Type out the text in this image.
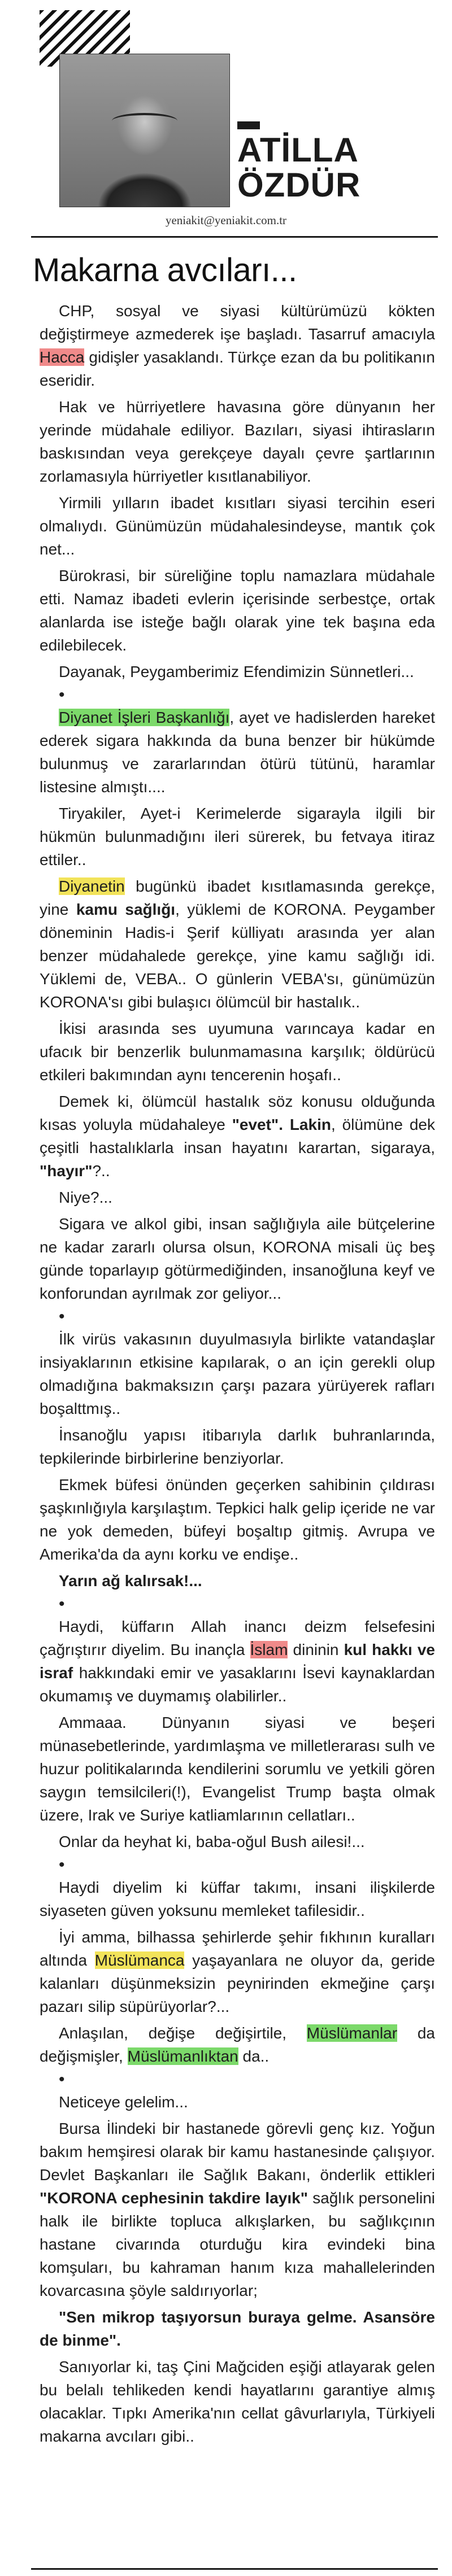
ATİLLA
ÖZDÜR
yeniakit@yeniakit.com.tr
Makarna avcıları...

CHP, sosyal ve siyasi kültürümüzü kökten değiştirmeye azmederek işe başladı. Tasarruf amacıyla Hacca gidişler yasaklandı. Türkçe ezan da bu politikanın eseridir.

Hak ve hürriyetlere havasına göre dünyanın her yerinde müdahale ediliyor. Bazıları, siyasi ihtirasların baskısından veya gerekçeye dayalı çevre şartlarının zorlamasıyla hürriyetler kısıtlanabiliyor.

Yirmili yılların ibadet kısıtları siyasi tercihin eseri olmalıydı. Günümüzün müdahalesindeyse, mantık çok net...

Bürokrasi, bir süreliğine toplu namazlara müdahale etti. Namaz ibadeti evlerin içerisinde serbestçe, ortak alanlarda ise isteğe bağlı olarak yine tek başına eda edilebilecek.

Dayanak, Peygamberimiz Efendimizin Sünnetleri...

•

Diyanet İşleri Başkanlığı, ayet ve hadislerden hareket ederek sigara hakkında da buna benzer bir hükümde bulunmuş ve zararlarından ötürü tütünü, haramlar listesine almıştı....

Tiryakiler, Ayet-i Kerimelerde sigarayla ilgili bir hükmün bulunmadığını ileri sürerek, bu fetvaya itiraz ettiler..

Diyanetin bugünkü ibadet kısıtlamasında gerekçe, yine kamu sağlığı, yüklemi de KORONA. Peygamber döneminin Hadis-i Şerif külliyatı arasında yer alan benzer müdahalede gerekçe, yine kamu sağlığı idi. Yüklemi de, VEBA.. O günlerin VEBA'sı, günümüzün KORONA'sı gibi bulaşıcı ölümcül bir hastalık..

İkisi arasında ses uyumuna varıncaya kadar en ufacık bir benzerlik bulunmamasına karşılık; öldürücü etkileri bakımından aynı tencerenin hoşafı..

Demek ki, ölümcül hastalık söz konusu olduğunda kısas yoluyla müdahaleye "evet". Lakin, ölümüne dek çeşitli hastalıklarla insan hayatını karartan, sigaraya, "hayır"?..

Niye?...

Sigara ve alkol gibi, insan sağlığıyla aile bütçelerine ne kadar zararlı olursa olsun, KORONA misali üç beş günde toparlayıp götürmediğinden, insanoğluna keyf ve konforundan ayrılmak zor geliyor...

•

İlk virüs vakasının duyulmasıyla birlikte vatandaşlar insiyaklarının etkisine kapılarak, o an için gerekli olup olmadığına bakmaksızın çarşı pazara yürüyerek rafları boşalttmış..

İnsanoğlu yapısı itibarıyla darlık buhranlarında, tepkilerinde birbirlerine benziyorlar.

Ekmek büfesi önünden geçerken sahibinin çıldırası şaşkınlığıyla karşılaştım. Tepkici halk gelip içeride ne var ne yok demeden, büfeyi boşaltıp gitmiş. Avrupa ve Amerika'da da aynı korku ve endişe..

Yarın ağ kalırsak!...

•

Haydi, küffarın Allah inancı deizm felsefesini çağrıştırır diyelim. Bu inançla İslam dininin kul hakkı ve israf hakkındaki emir ve yasaklarını İsevi kaynaklardan okumamış ve duymamış olabilirler..

Ammaaa. Dünyanın siyasi ve beşeri münasebetlerinde, yardımlaşma ve milletlerarası sulh ve huzur politikalarında kendilerini sorumlu ve yetkili gören saygın temsilcileri(!), Evangelist Trump başta olmak üzere, Irak ve Suriye katliamlarının cellatları..

Onlar da heyhat ki, baba-oğul Bush ailesi!...

•

Haydi diyelim ki küffar takımı, insani ilişkilerde siyaseten güven yoksunu memleket tafilesidir..

İyi amma, bilhassa şehirlerde şehir fıkhının kuralları altında Müslümanca yaşayanlara ne oluyor da, geride kalanları düşünmeksizin peynirinden ekmeğine çarşı pazarı silip süpürüyorlar?...

Anlaşılan, değişe değişirtile, Müslümanlar da değişmişler, Müslümanlıktan da..

•

Neticeye gelelim...

Bursa İlindeki bir hastanede görevli genç kız. Yoğun bakım hemşiresi olarak bir kamu hastanesinde çalışıyor. Devlet Başkanları ile Sağlık Bakanı, önderlik ettikleri "KORONA cephesinin takdire layık" sağlık personelini halk ile birlikte topluca alkışlarken, bu sağlıkçının hastane civarında oturduğu kira evindeki bina komşuları, bu kahraman hanım kıza mahallelerinden kovarcasına şöyle saldırıyorlar;

"Sen mikrop taşıyorsun buraya gelme. Asansöre de binme".

Sanıyorlar ki, taş Çini Mağciden eşiği atlayarak gelen bu belalı tehlikeden kendi hayatlarını garantiye almış olacaklar. Tıpkı Amerika'nın cellat gâvurlarıyla, Türkiyeli makarna avcıları gibi..
